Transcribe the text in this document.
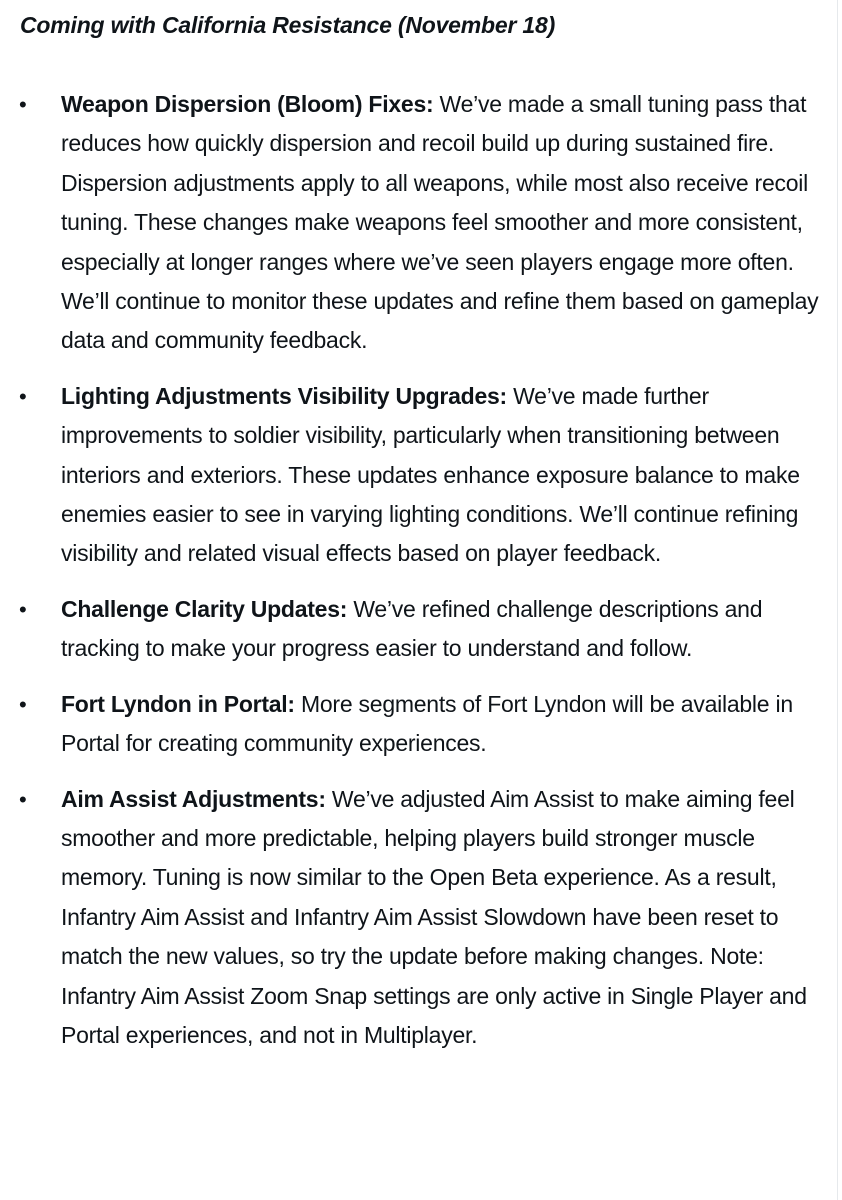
Coming with California Resistance (November 18)
• Weapon Dispersion (Bloom) Fixes: We’ve made a small tuning pass that reduces how quickly dispersion and recoil build up during sustained fire. Dispersion adjustments apply to all weapons, while most also receive recoil tuning. These changes make weapons feel smoother and more consistent, especially at longer ranges where we’ve seen players engage more often. We’ll continue to monitor these updates and refine them based on gameplay data and community feedback.

• Lighting Adjustments Visibility Upgrades: We’ve made further improvements to soldier visibility, particularly when transitioning between interiors and exteriors. These updates enhance exposure balance to make enemies easier to see in varying lighting conditions. We’ll continue refining visibility and related visual effects based on player feedback.

• Challenge Clarity Updates: We’ve refined challenge descriptions and tracking to make your progress easier to understand and follow.

• Fort Lyndon in Portal: More segments of Fort Lyndon will be available in Portal for creating community experiences.

• Aim Assist Adjustments: We’ve adjusted Aim Assist to make aiming feel smoother and more predictable, helping players build stronger muscle memory. Tuning is now similar to the Open Beta experience. As a result, Infantry Aim Assist and Infantry Aim Assist Slowdown have been reset to match the new values, so try the update before making changes. Note: Infantry Aim Assist Zoom Snap settings are only active in Single Player and Portal experiences, and not in Multiplayer.
